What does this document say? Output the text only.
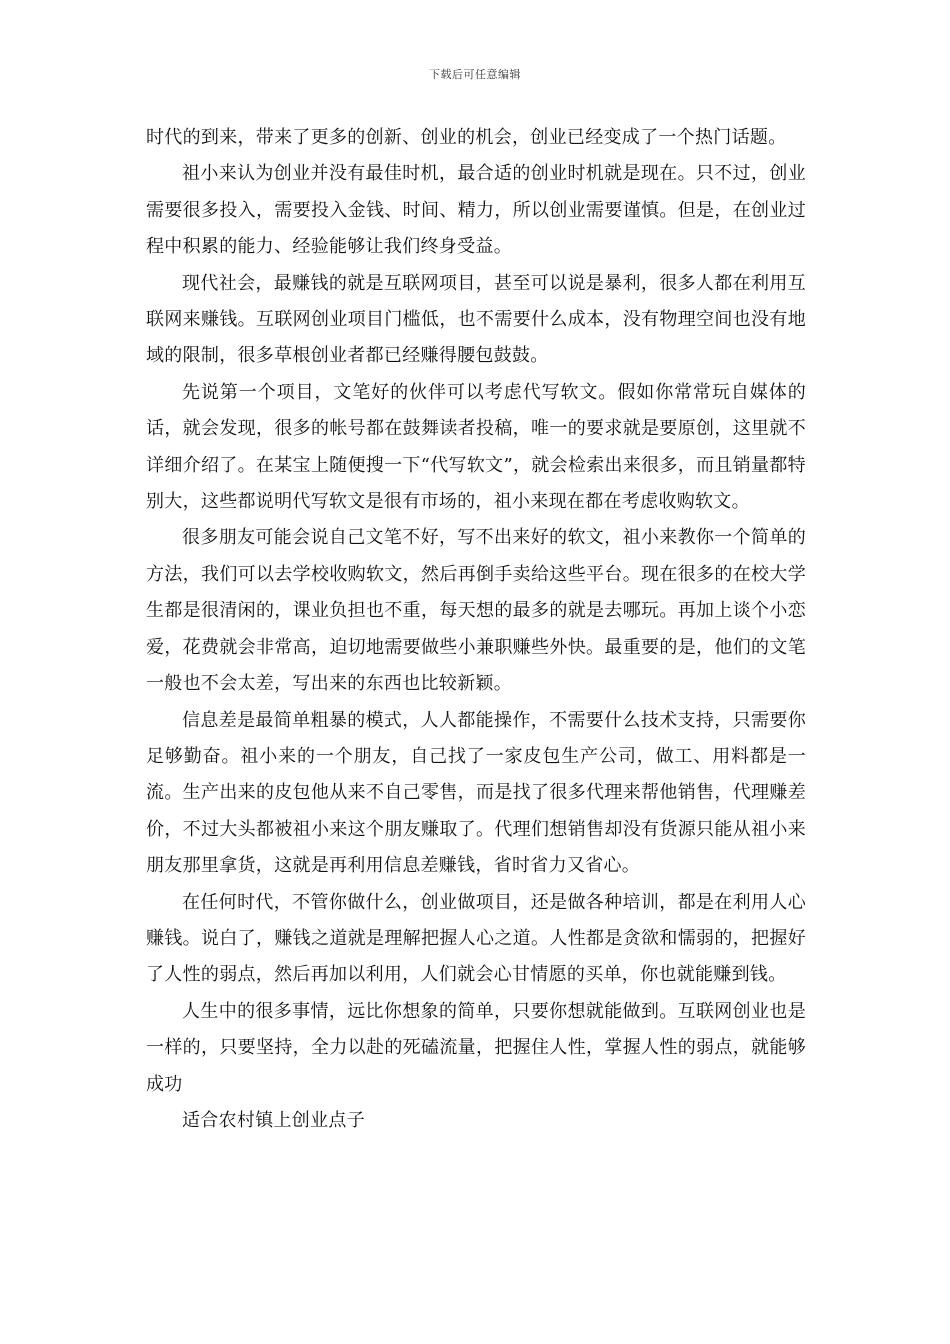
下载后可任意编辑

时代的到来，带来了更多的创新、创业的机会，创业已经变成了一个热门话题。

祖小来认为创业并没有最佳时机，最合适的创业时机就是现在。只不过，创业需要很多投入，需要投入金钱、时间、精力，所以创业需要谨慎。但是，在创业过程中积累的能力、经验能够让我们终身受益。

现代社会，最赚钱的就是互联网项目，甚至可以说是暴利，很多人都在利用互联网来赚钱。互联网创业项目门槛低，也不需要什么成本，没有物理空间也没有地域的限制，很多草根创业者都已经赚得腰包鼓鼓。

先说第一个项目，文笔好的伙伴可以考虑代写软文。假如你常常玩自媒体的话，就会发现，很多的帐号都在鼓舞读者投稿，唯一的要求就是要原创，这里就不详细介绍了。在某宝上随便搜一下“代写软文”，就会检索出来很多，而且销量都特别大，这些都说明代写软文是很有市场的，祖小来现在都在考虑收购软文。

很多朋友可能会说自己文笔不好，写不出来好的软文，祖小来教你一个简单的方法，我们可以去学校收购软文，然后再倒手卖给这些平台。现在很多的在校大学生都是很清闲的，课业负担也不重，每天想的最多的就是去哪玩。再加上谈个小恋爱，花费就会非常高，迫切地需要做些小兼职赚些外快。最重要的是，他们的文笔一般也不会太差，写出来的东西也比较新颖。

信息差是最简单粗暴的模式，人人都能操作，不需要什么技术支持，只需要你足够勤奋。祖小来的一个朋友，自己找了一家皮包生产公司，做工、用料都是一流。生产出来的皮包他从来不自己零售，而是找了很多代理来帮他销售，代理赚差价，不过大头都被祖小来这个朋友赚取了。代理们想销售却没有货源只能从祖小来朋友那里拿货，这就是再利用信息差赚钱，省时省力又省心。

在任何时代，不管你做什么，创业做项目，还是做各种培训，都是在利用人心赚钱。说白了，赚钱之道就是理解把握人心之道。人性都是贪欲和懦弱的，把握好了人性的弱点，然后再加以利用，人们就会心甘情愿的买单，你也就能赚到钱。

人生中的很多事情，远比你想象的简单，只要你想就能做到。互联网创业也是一样的，只要坚持，全力以赴的死磕流量，把握住人性，掌握人性的弱点，就能够成功

适合农村镇上创业点子
